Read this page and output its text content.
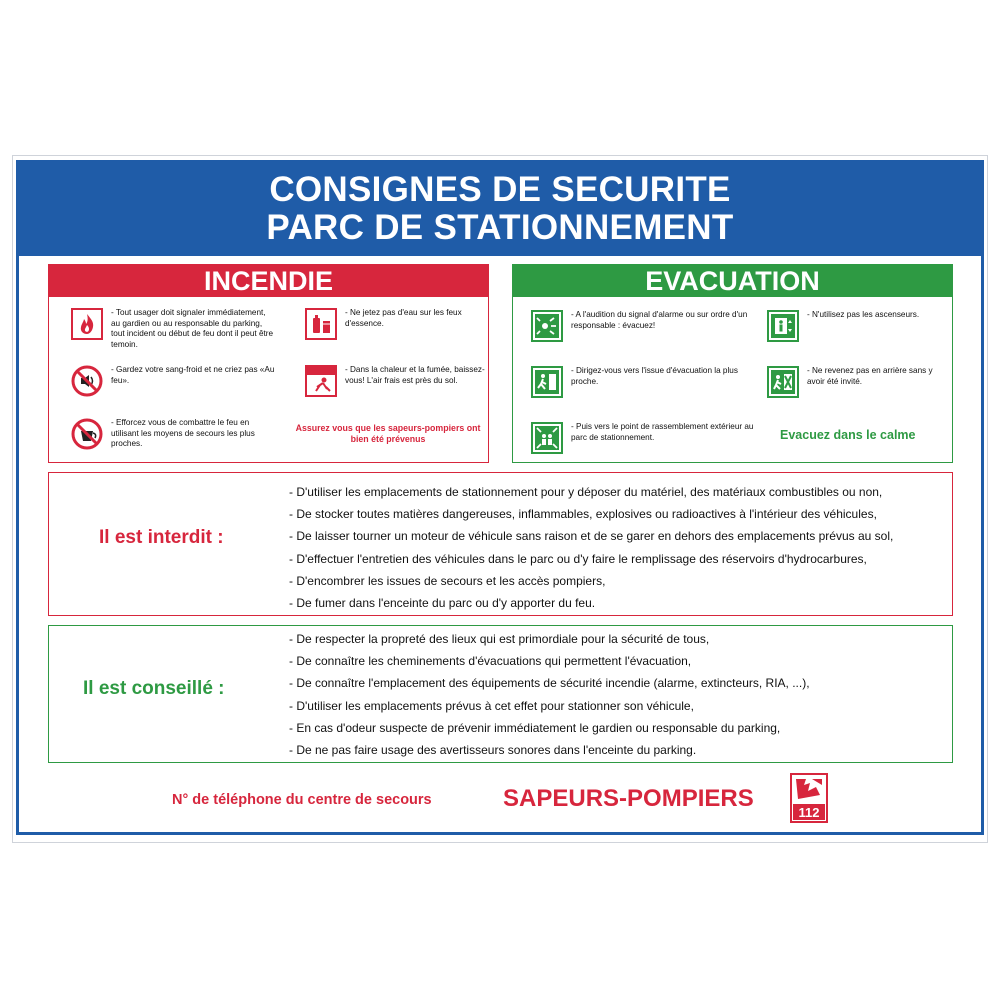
CONSIGNES DE SECURITE
PARC DE STATIONNEMENT
INCENDIE
- Tout usager doit signaler immédiatement, au gardien ou au responsable du parking, tout incident ou début de feu dont il peut être temoin.
- Gardez votre sang-froid et ne criez pas «Au feu».
- Efforcez vous de combattre le feu en utilisant les moyens de secours les plus proches.
- Ne jetez pas d'eau sur les feux d'essence.
- Dans la chaleur et la fumée, baissez-vous! L'air frais est près du sol.
Assurez vous que les sapeurs-pompiers ont bien été prévenus
EVACUATION
- A l'audition du signal d'alarme ou sur ordre d'un responsable : évacuez!
- Dirigez-vous vers l'issue d'évacuation la plus proche.
- Puis vers le point de rassemblement extérieur au parc de stationnement.
- N'utilisez pas les ascenseurs.
- Ne revenez pas en arrière sans y avoir été invité.
Evacuez dans le calme
Il est interdit :
- D'utiliser les emplacements de stationnement pour y déposer du matériel, des matériaux combustibles ou non,
- De stocker toutes matières dangereuses, inflammables, explosives ou radioactives à l'intérieur des véhicules,
- De laisser tourner un moteur de véhicule sans raison et de se garer en dehors des emplacements prévus au sol,
- D'effectuer l'entretien des véhicules dans le parc ou d'y faire le remplissage des réservoirs d'hydrocarbures,
- D'encombrer les issues de secours et les accès pompiers,
- De fumer dans l'enceinte du parc ou d'y apporter du feu.
Il est conseillé :
- De respecter la propreté des lieux qui est primordiale pour la sécurité de tous,
- De connaître les cheminements d'évacuations qui permettent l'évacuation,
- De connaître l'emplacement des équipements de sécurité incendie (alarme, extincteurs, RIA, ...),
- D'utiliser les emplacements prévus à cet effet pour stationner son véhicule,
- En cas d'odeur suspecte de prévenir immédiatement le gardien ou responsable du parking,
- De ne pas faire usage des avertisseurs sonores dans l'enceinte du parking.
N° de téléphone du centre de secours	SAPEURS-POMPIERS
112
